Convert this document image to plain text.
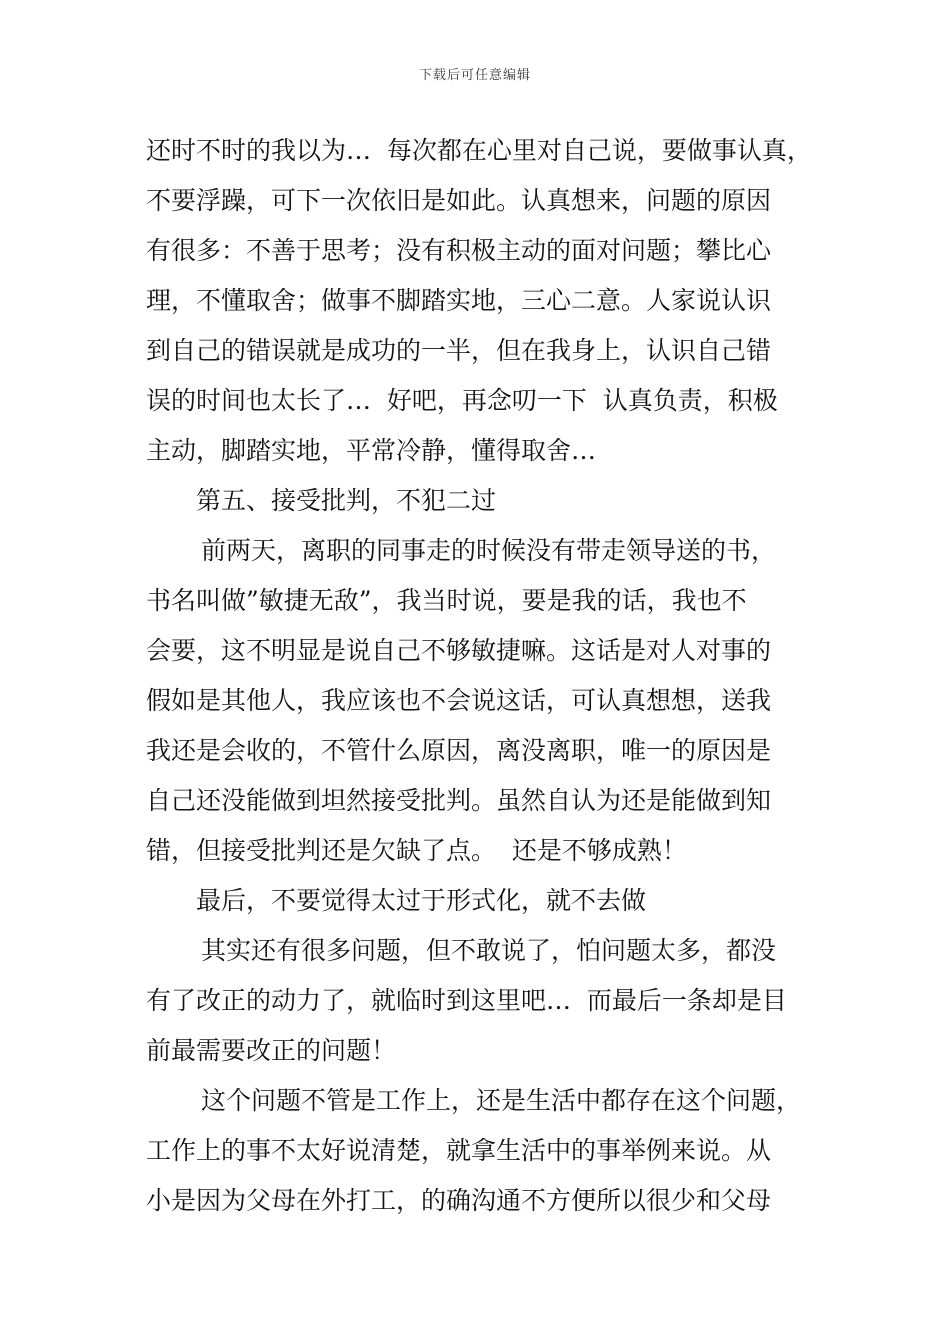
下载后可任意编辑
还时不时的我以为…  每次都在心里对自己说，要做事认真，
不要浮躁，可下一次依旧是如此。认真想来，问题的原因
有很多：不善于思考；没有积极主动的面对问题；攀比心
理，不懂取舍；做事不脚踏实地，三心二意。人家说认识
到自己的错误就是成功的一半，但在我身上，认识自己错
误的时间也太长了…  好吧，再念叨一下  认真负责，积极
主动，脚踏实地，平常冷静，懂得取舍…
第五、接受批判，不犯二过
前两天，离职的同事走的时候没有带走领导送的书，
书名叫做”敏捷无敌”，我当时说，要是我的话，我也不
会要，这不明显是说自己不够敏捷嘛。这话是对人对事的
假如是其他人，我应该也不会说这话，可认真想想，送我
我还是会收的，不管什么原因，离没离职，唯一的原因是
自己还没能做到坦然接受批判。虽然自认为还是能做到知
错，但接受批判还是欠缺了点。  还是不够成熟！
最后，不要觉得太过于形式化，就不去做
其实还有很多问题，但不敢说了，怕问题太多，都没
有了改正的动力了，就临时到这里吧…  而最后一条却是目
前最需要改正的问题！
这个问题不管是工作上，还是生活中都存在这个问题，
工作上的事不太好说清楚，就拿生活中的事举例来说。从
小是因为父母在外打工，的确沟通不方便所以很少和父母
